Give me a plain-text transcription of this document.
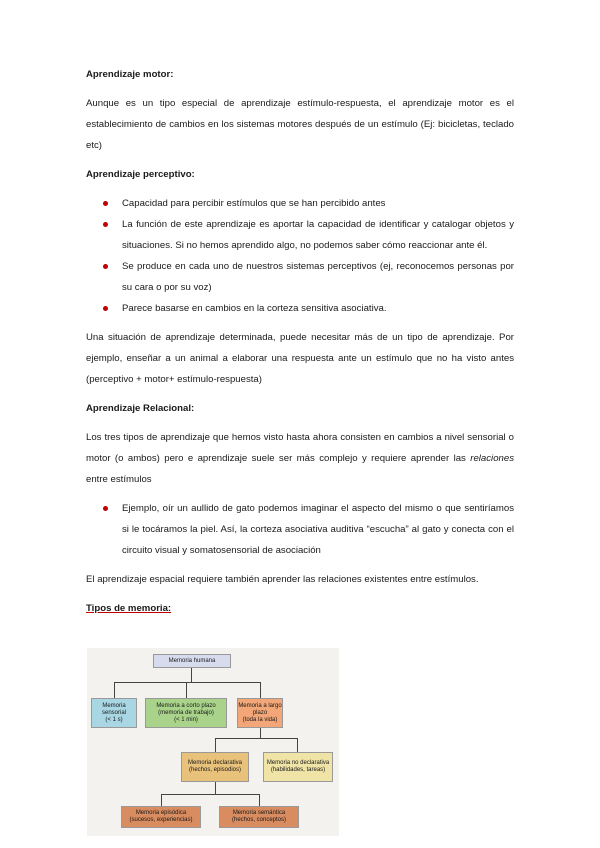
Aprendizaje motor:

Aunque es un tipo especial de aprendizaje estímulo-respuesta, el aprendizaje motor es el establecimiento de cambios en los sistemas motores después de un estímulo (Ej: bicicletas, teclado etc)

Aprendizaje perceptivo:
Capacidad para percibir estímulos que se han percibido antes
La función de este aprendizaje es aportar la capacidad de identificar y catalogar objetos y situaciones. Si no hemos aprendido algo, no podemos saber cómo reaccionar ante él.
Se produce en cada uno de nuestros sistemas perceptivos (ej, reconocemos personas por su cara o por su voz)
Parece basarse en cambios en la corteza sensitiva asociativa.

Una situación de aprendizaje determinada, puede necesitar más de un tipo de aprendizaje. Por ejemplo, enseñar a un animal a elaborar una respuesta ante un estímulo que no ha visto antes (perceptivo + motor+ estímulo-respuesta)

Aprendizaje Relacional:

Los tres tipos de aprendizaje que hemos visto hasta ahora consisten en cambios a nivel sensorial o motor (o ambos) pero e aprendizaje suele ser más complejo y requiere aprender las relaciones entre estímulos

Ejemplo, oír un aullido de gato podemos imaginar el aspecto del mismo o que sentiríamos si le tocáramos la piel. Así, la corteza asociativa auditiva “escucha” al gato y conecta con el circuito visual y somatosensorial de asociación

El aprendizaje espacial requiere también aprender las relaciones existentes entre estímulos.

Tipos de memoria:
Memoria humana
Memoria sensorial
(< 1 s)
Memoria a corto plazo (memoria de trabajo)
(< 1 min)
Memoria a largo plazo
(toda la vida)
Memoria declarativa
(hechos, episodios)
Memoria no declarativa
(habilidades, tareas)
Memoria episódica
(sucesos, experiencias)
Memoria semántica
(hechos, conceptos)
